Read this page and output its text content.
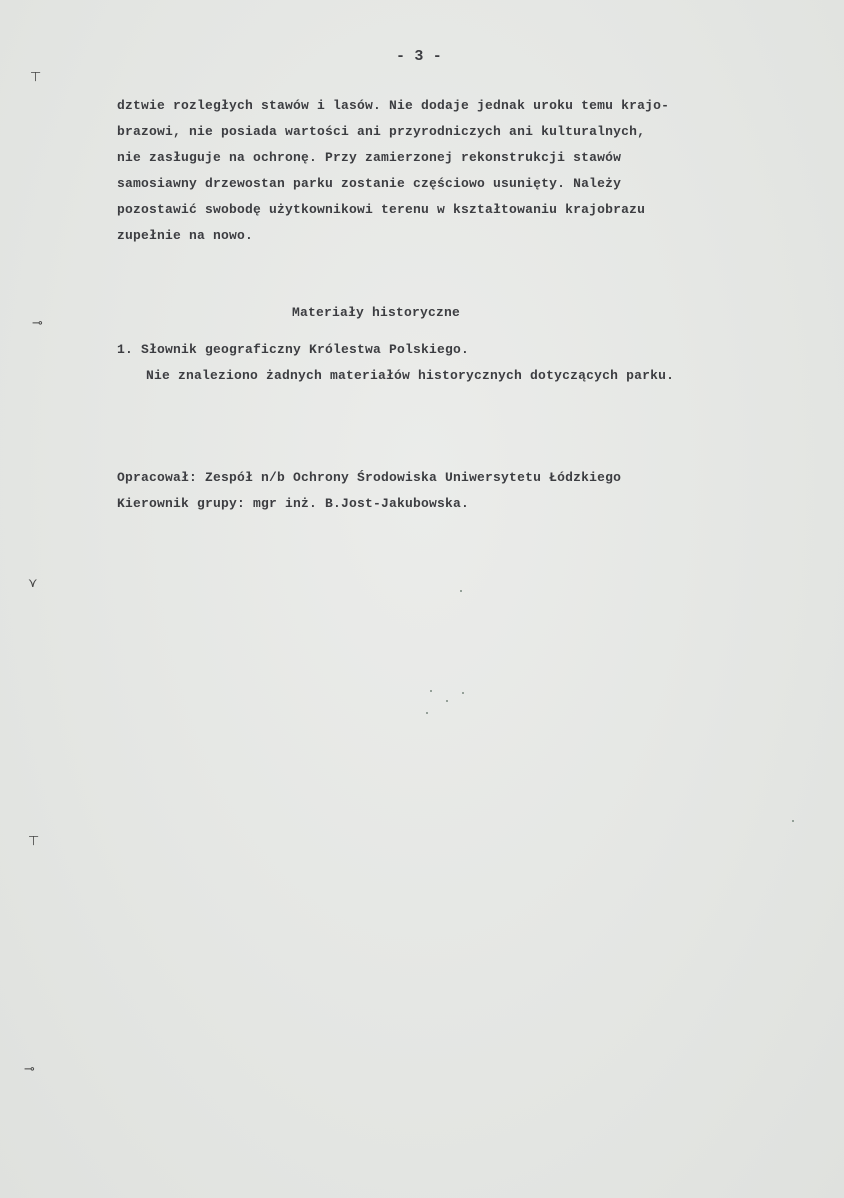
- 3 -
dztwie rozległych stawów i lasów. Nie dodaje jednak uroku temu krajo-
brazowi, nie posiada wartości ani przyrodniczych ani kulturalnych,
nie zasługuje na ochronę. Przy zamierzonej rekonstrukcji stawów
samosiawny drzewostan parku zostanie częściowo usunięty. Należy
pozostawić swobodę użytkownikowi terenu w kształtowaniu krajobrazu
zupełnie na nowo.
Materiały historyczne
1. Słownik geograficzny Królestwa Polskiego.
Nie znaleziono żadnych materiałów historycznych dotyczących parku.
Opracował: Zespół n/b Ochrony Środowiska Uniwersytetu Łódzkiego
Kierownik grupy: mgr inż. B.Jost-Jakubowska.
⊤
⊸
⋎
⊤
⊸
